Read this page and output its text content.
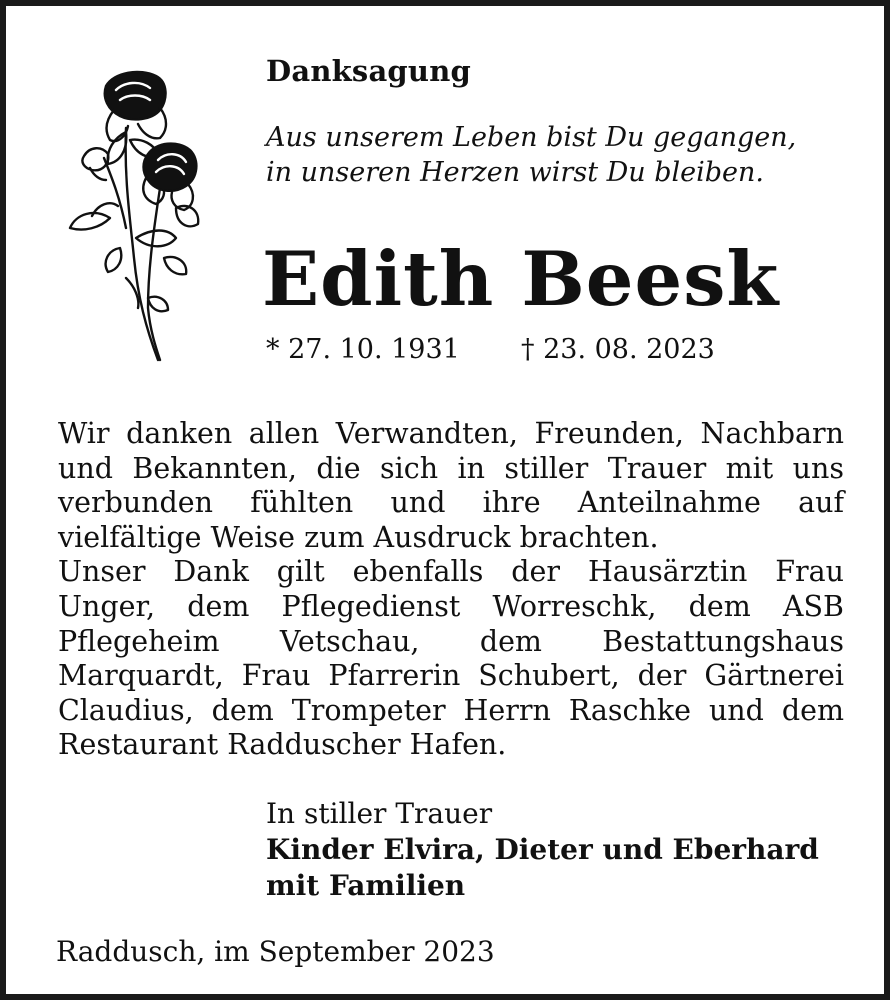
Danksagung
Aus unserem Leben bist Du gegangen,
in unseren Herzen wirst Du bleiben.
Edith Beesk
* 27. 10. 1931 † 23. 08. 2023
Wir danken allen Verwandten, Freunden, Nachbarn
und Bekannten, die sich in stiller Trauer mit uns
verbunden fühlten und ihre Anteilnahme auf
vielfältige Weise zum Ausdruck brachten.
Unser Dank gilt ebenfalls der Hausärztin Frau
Unger, dem Pflegedienst Worreschk, dem ASB
Pflegeheim Vetschau, dem Bestattungshaus
Marquardt, Frau Pfarrerin Schubert, der Gärtnerei
Claudius, dem Trompeter Herrn Raschke und dem
Restaurant Radduscher Hafen.
In stiller Trauer
Kinder Elvira, Dieter und Eberhard
mit Familien
Raddusch, im September 2023
